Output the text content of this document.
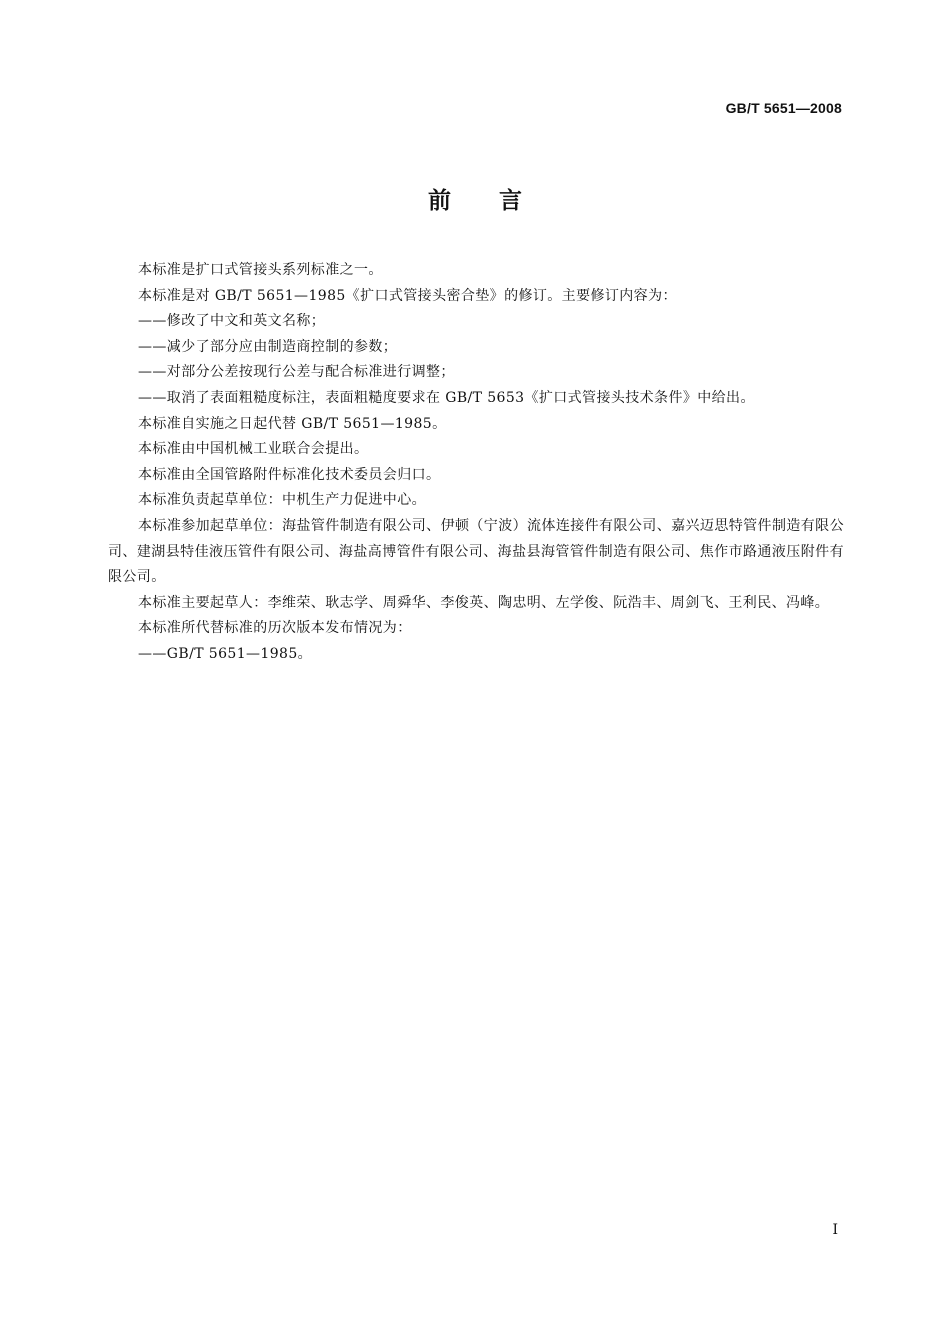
GB/T 5651—2008
前言

本标准是扩口式管接头系列标准之一。

本标准是对 GB/T 5651—1985《扩口式管接头密合垫》的修订。主要修订内容为：

——修改了中文和英文名称；

——减少了部分应由制造商控制的参数；

——对部分公差按现行公差与配合标准进行调整；

——取消了表面粗糙度标注，表面粗糙度要求在 GB/T 5653《扩口式管接头技术条件》中给出。

本标准自实施之日起代替 GB/T 5651—1985。

本标准由中国机械工业联合会提出。

本标准由全国管路附件标准化技术委员会归口。

本标准负责起草单位：中机生产力促进中心。

本标准参加起草单位：海盐管件制造有限公司、伊顿（宁波）流体连接件有限公司、嘉兴迈思特管件制造有限公司、建湖县特佳液压管件有限公司、海盐高博管件有限公司、海盐县海管管件制造有限公司、焦作市路通液压附件有限公司。

本标准主要起草人：李维荣、耿志学、周舜华、李俊英、陶忠明、左学俊、阮浩丰、周剑飞、王利民、冯峰。

本标准所代替标准的历次版本发布情况为：

——GB/T 5651—1985。

I
